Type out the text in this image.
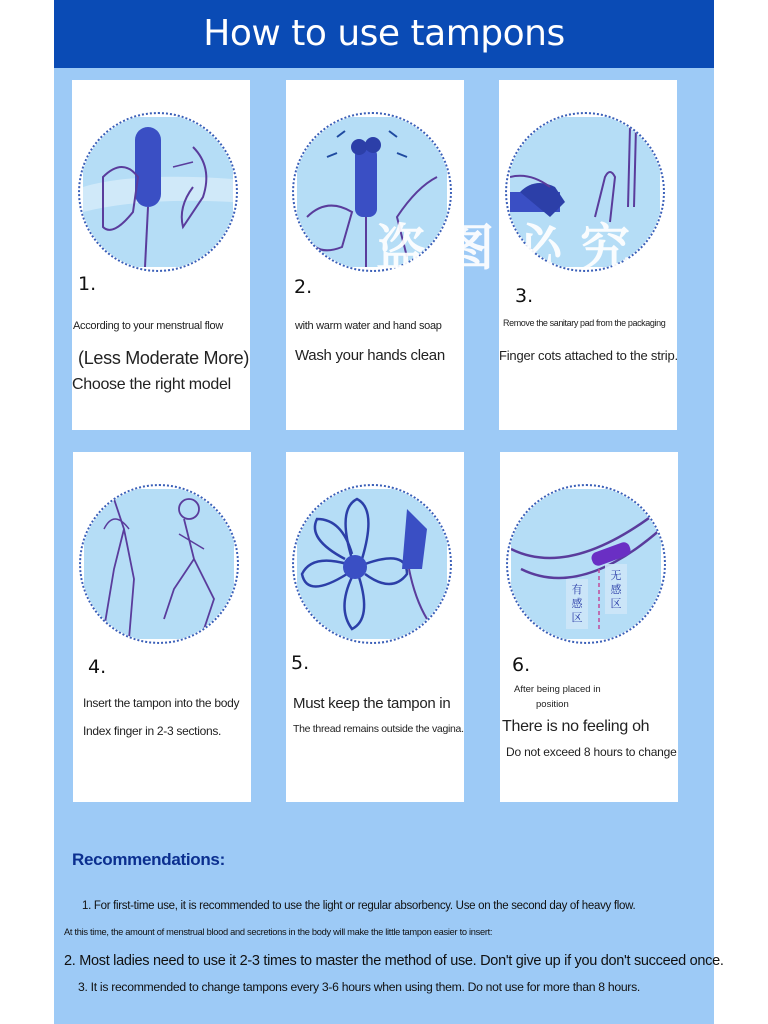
How to use tampons
1.
According to your menstrual flow
(Less Moderate More)
Choose the right model
2.
with warm water and hand soap
Wash your hands clean
3.
Remove the sanitary pad from the packaging
Finger cots attached to the strip.
4.
Insert the tampon into the body
Index finger in 2-3 sections.
5.
Must keep the tampon in
The thread remains outside the vagina.
有
感
区
无
感
区
6.
After being placed in
position
There is no feeling oh
Do not exceed 8 hours to change
盗图必究
Recommendations:
1. For first-time use, it is recommended to use the light or regular absorbency. Use on the second day of heavy flow.
At this time, the amount of menstrual blood and secretions in the body will make the little tampon easier to insert:
2. Most ladies need to use it 2-3 times to master the method of use. Don't give up if you don't succeed once.
3. It is recommended to change tampons every 3-6 hours when using them. Do not use for more than 8 hours.
